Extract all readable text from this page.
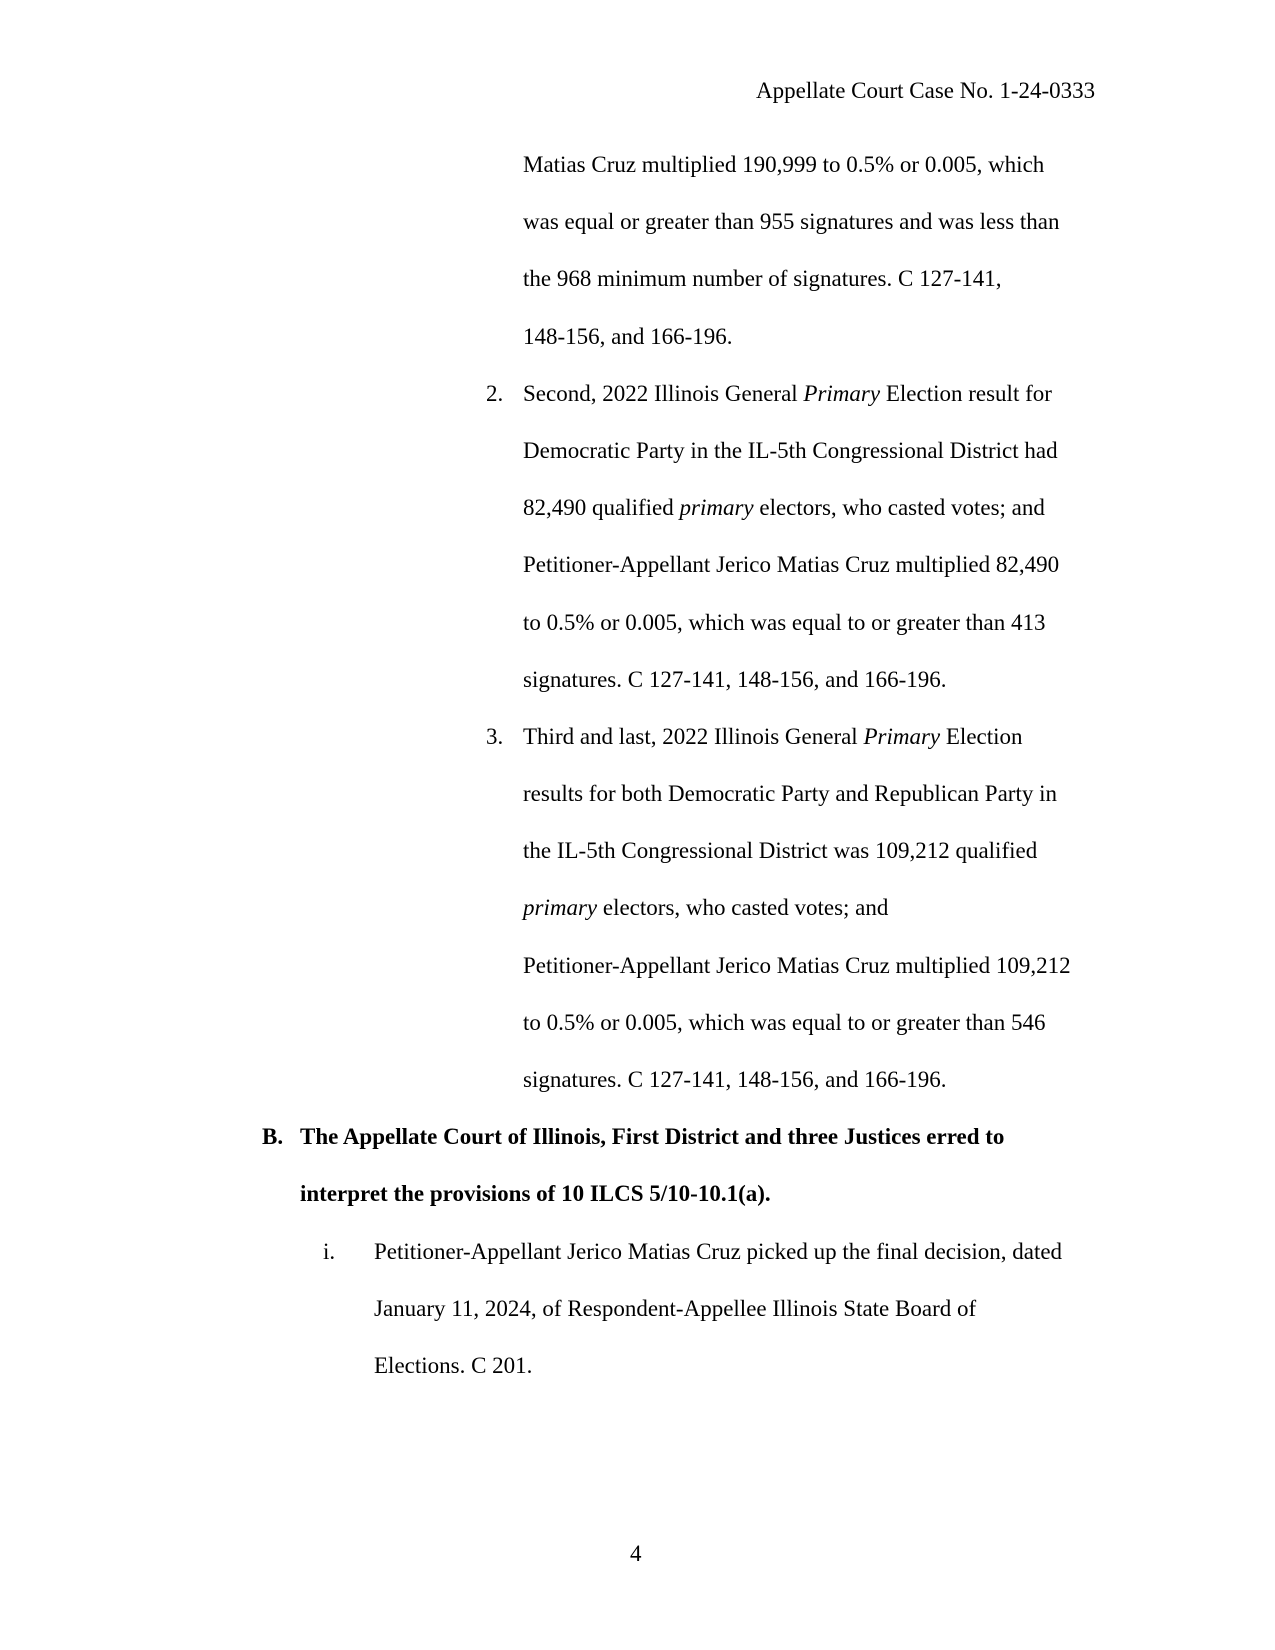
Appellate Court Case No. 1-24-0333
Matias Cruz multiplied 190,999 to 0.5% or 0.005, which
was equal or greater than 955 signatures and was less than
the 968 minimum number of signatures. C 127-141,
148-156, and 166-196.
2. Second, 2022 Illinois General Primary Election result for
Democratic Party in the IL-5th Congressional District had
82,490 qualified primary electors, who casted votes; and
Petitioner-Appellant Jerico Matias Cruz multiplied 82,490
to 0.5% or 0.005, which was equal to or greater than 413
signatures. C 127-141, 148-156, and 166-196.
3. Third and last, 2022 Illinois General Primary Election
results for both Democratic Party and Republican Party in
the IL-5th Congressional District was 109,212 qualified
primary electors, who casted votes; and
Petitioner-Appellant Jerico Matias Cruz multiplied 109,212
to 0.5% or 0.005, which was equal to or greater than 546
signatures. C 127-141, 148-156, and 166-196.
B. The Appellate Court of Illinois, First District and three Justices erred to
interpret the provisions of 10 ILCS 5/10-10.1(a).
i. Petitioner-Appellant Jerico Matias Cruz picked up the final decision, dated
January 11, 2024, of Respondent-Appellee Illinois State Board of
Elections. C 201.
4
